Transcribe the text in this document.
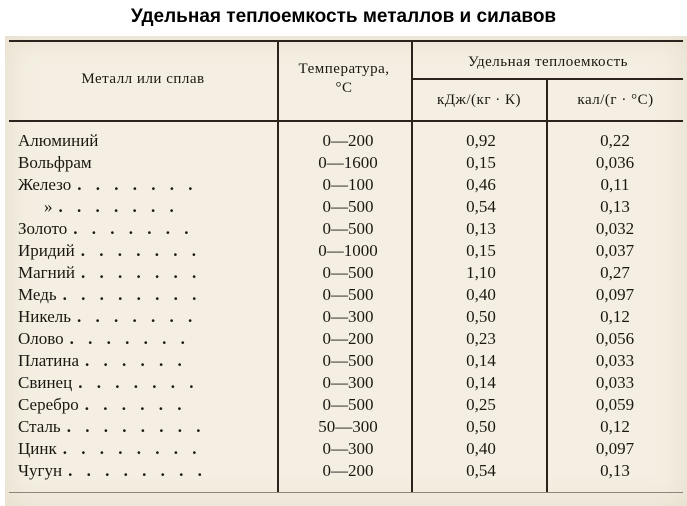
Удельная теплоемкость металлов и силавов
Металл или сплав
Температура, °С
Удельная теплоемкость
кДж/(кг · К)	кал/(г · °С)
Алюминий	0—200	0,92	0,22
Вольфрам	0—1600	0,15	0,036
Железо . . . . . . .	0—100	0,46	0,11
» . . . . . . .	0—500	0,54	0,13
Золото . . . . . . .	0—500	0,13	0,032
Иридий . . . . . . .	0—1000	0,15	0,037
Магний . . . . . . .	0—500	1,10	0,27
Медь . . . . . . . .	0—500	0,40	0,097
Никель . . . . . . .	0—300	0,50	0,12
Олово . . . . . . .	0—200	0,23	0,056
Платина . . . . . .	0—500	0,14	0,033
Свинец . . . . . . .	0—300	0,14	0,033
Серебро . . . . . .	0—500	0,25	0,059
Сталь . . . . . . . .	50—300	0,50	0,12
Цинк . . . . . . . .	0—300	0,40	0,097
Чугун . . . . . . . .	0—200	0,54	0,13
